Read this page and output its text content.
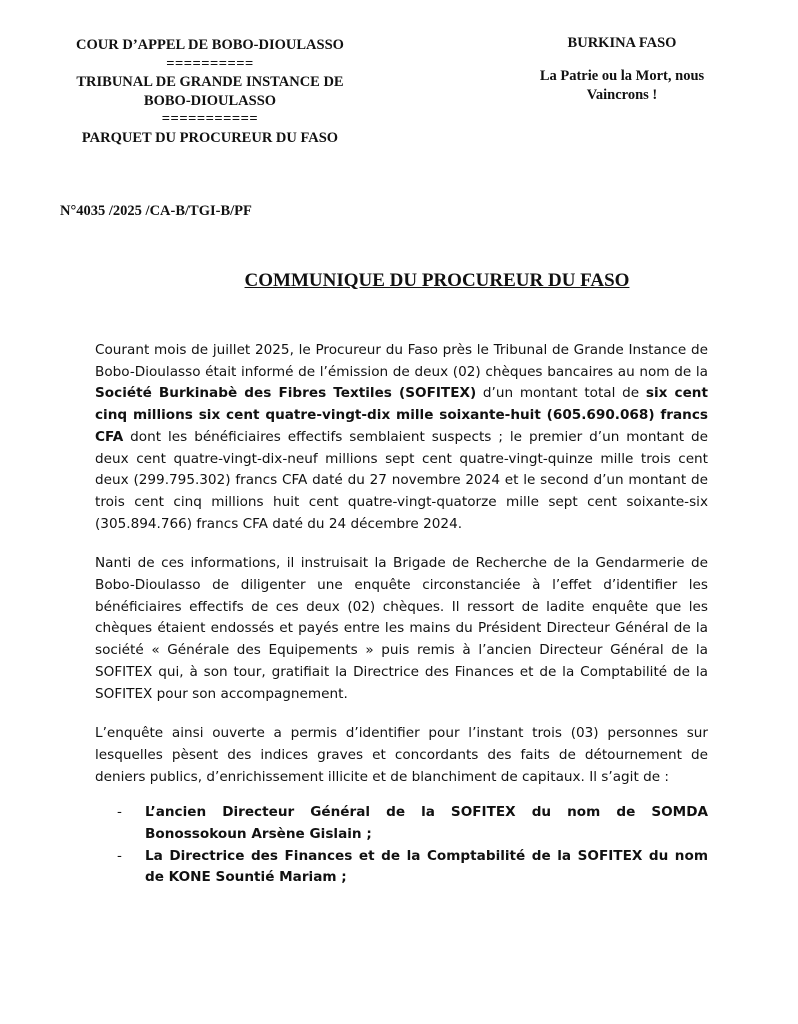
COUR D’APPEL DE BOBO-DIOULASSO
==========
TRIBUNAL DE GRANDE INSTANCE DE
BOBO-DIOULASSO
===========
PARQUET DU PROCUREUR DU FASO
BURKINA FASO
La Patrie ou la Mort, nous
Vaincrons !
N°4035 /2025 /CA-B/TGI-B/PF
COMMUNIQUE DU PROCUREUR DU FASO

Courant mois de juillet 2025, le Procureur du Faso près le Tribunal de Grande Instance de Bobo-Dioulasso était informé de l’émission de deux (02) chèques bancaires au nom de la Société Burkinabè des Fibres Textiles (SOFITEX) d’un montant total de six cent cinq millions six cent quatre-vingt-dix mille soixante-huit (605.690.068) francs CFA dont les bénéficiaires effectifs semblaient suspects ; le premier d’un montant de deux cent quatre-vingt-dix-neuf millions sept cent quatre-vingt-quinze mille trois cent deux (299.795.302) francs CFA daté du 27 novembre 2024 et le second d’un montant de trois cent cinq millions huit cent quatre-vingt-quatorze mille sept cent soixante-six (305.894.766) francs CFA daté du 24 décembre 2024.

Nanti de ces informations, il instruisait la Brigade de Recherche de la Gendarmerie de Bobo-Dioulasso de diligenter une enquête circonstanciée à l’effet d’identifier les bénéficiaires effectifs de ces deux (02) chèques. Il ressort de ladite enquête que les chèques étaient endossés et payés entre les mains du Président Directeur Général de la société « Générale des Equipements » puis remis à l’ancien Directeur Général de la SOFITEX qui, à son tour, gratifiait la Directrice des Finances et de la Comptabilité de la SOFITEX pour son accompagnement.

L’enquête ainsi ouverte a permis d’identifier pour l’instant trois (03) personnes sur lesquelles pèsent des indices graves et concordants des faits de détournement de deniers publics, d’enrichissement illicite et de blanchiment de capitaux. Il s’agit de :

- L’ancien Directeur Général de la SOFITEX du nom de SOMDA Bonossokoun Arsène Gislain ;
- La Directrice des Finances et de la Comptabilité de la SOFITEX du nom de KONE Sountié Mariam ;
